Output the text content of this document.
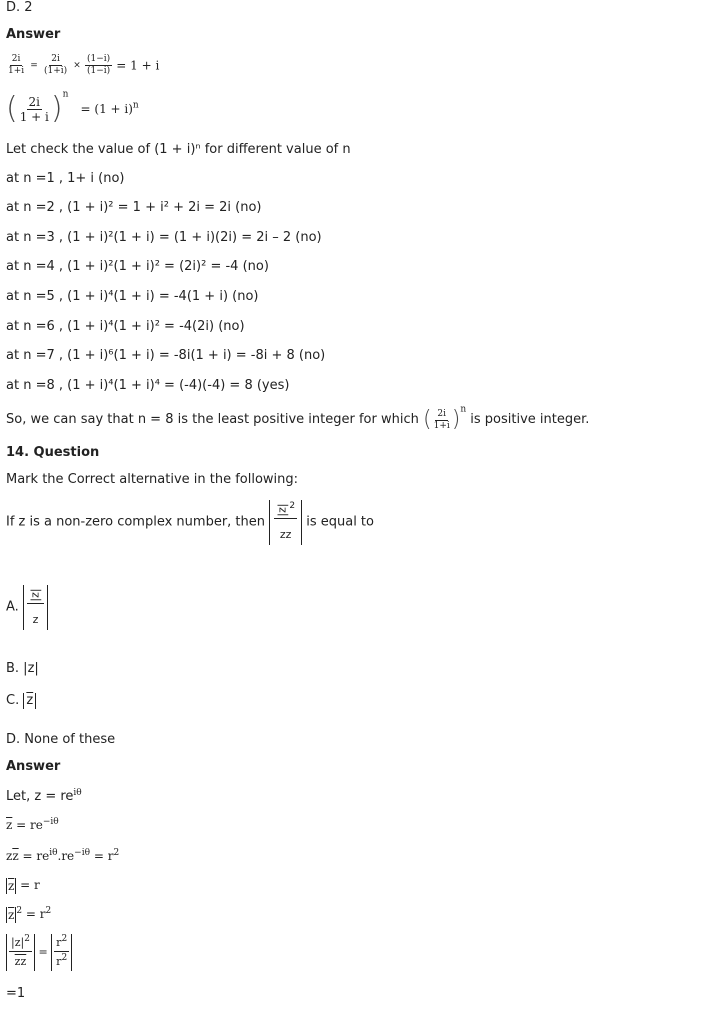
D. 2
Answer
$\frac{2i}{1+i} = \frac{2i}{(1+i)} \times \frac{(1-i)}{(1-i)} = 1 + i$
( $\frac{2i}{1 + i} )^n = (1 + i)^n$
Let check the value of (1 + i)ⁿ for different value of n
at n =1 , 1+ i (no)
at n =2 , (1 + i)² = 1 + i² + 2i = 2i (no)
at n =3 , (1 + i)²(1 + i) = (1 + i)(2i) = 2i – 2 (no)
at n =4 , (1 + i)²(1 + i)² = (2i)² = -4 (no)
at n =5 , (1 + i)⁴(1 + i) = -4(1 + i) (no)
at n =6 , (1 + i)⁴(1 + i)² = -4(2i) (no)
at n =7 , (1 + i)⁶(1 + i) = -8i(1 + i) = -8i + 8 (no)
at n =8 , (1 + i)⁴(1 + i)⁴ = (-4)(-4) = 8 (yes)
So, we can say that n = 8 is the least positive integer for which ( $\frac{2i}{1+i} )^n$ is positive integer.
14. Question
Mark the Correct alternative in the following:
If z is a non-zero complex number, then
$|z|^2$
zz
is equal to
A.
|z|
z
B. |z|
C. $\overline{z}$
D. None of these
Answer
Let, $z = re^{i\theta}$
$\overline{z} = re^{-i\theta}$
$z\overline{z} = re^{i\theta}.re^{-i\theta} = r^2$
$\overline{z} = r$
$\overline{z}$ $^2 = r^2$
$\frac{|z|^2}{zz} = \frac{r^2}{r^2}$
=1
